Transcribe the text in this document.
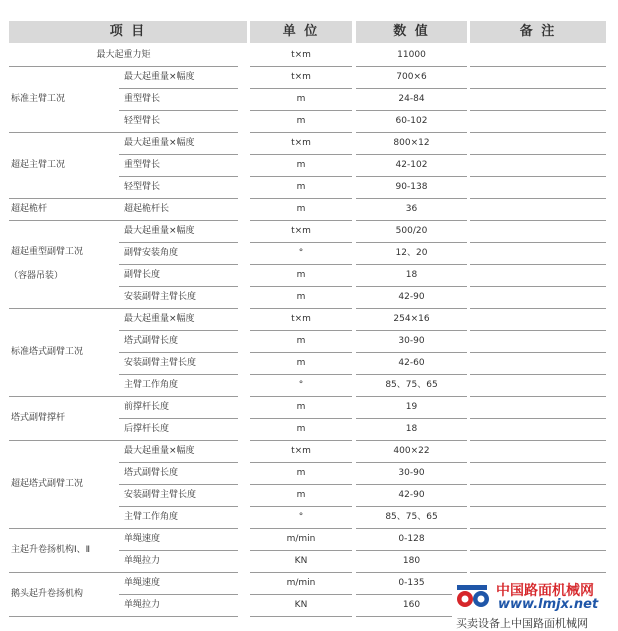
项 目	单 位	数 值	备 注
最大起重力矩	t×m	11000
标准主臂工况
最大起重量×幅度	t×m	700×6
重型臂长	m	24-84
轻型臂长	m	60-102
超起主臂工况
最大起重量×幅度	t×m	800×12
重型臂长	m	42-102
轻型臂长	m	90-138
超起桅杆	超起桅杆长	m	36
超起重型副臂工况
（容器吊装）
最大起重量×幅度	t×m	500/20
副臂安装角度	°	12、20
副臂长度	m	18
安装副臂主臂长度	m	42-90
标准塔式副臂工况
最大起重量×幅度	t×m	254×16
塔式副臂长度	m	30-90
安装副臂主臂长度	m	42-60
主臂工作角度	°	85、75、65
塔式副臂撑杆
前撑杆长度	m	19
后撑杆长度	m	18
超起塔式副臂工况
最大起重量×幅度	t×m	400×22
塔式副臂长度	m	30-90
安装副臂主臂长度	m	42-90
主臂工作角度	°	85、75、65
主起升卷扬机构Ⅰ、Ⅱ
单绳速度	m/min	0-128
单绳拉力	KN	180
鹅头起升卷扬机构
单绳速度	m/min	0-135
单绳拉力	KN	160
中国路面机械网
www.lmjx.net
买卖设备上中国路面机械网
